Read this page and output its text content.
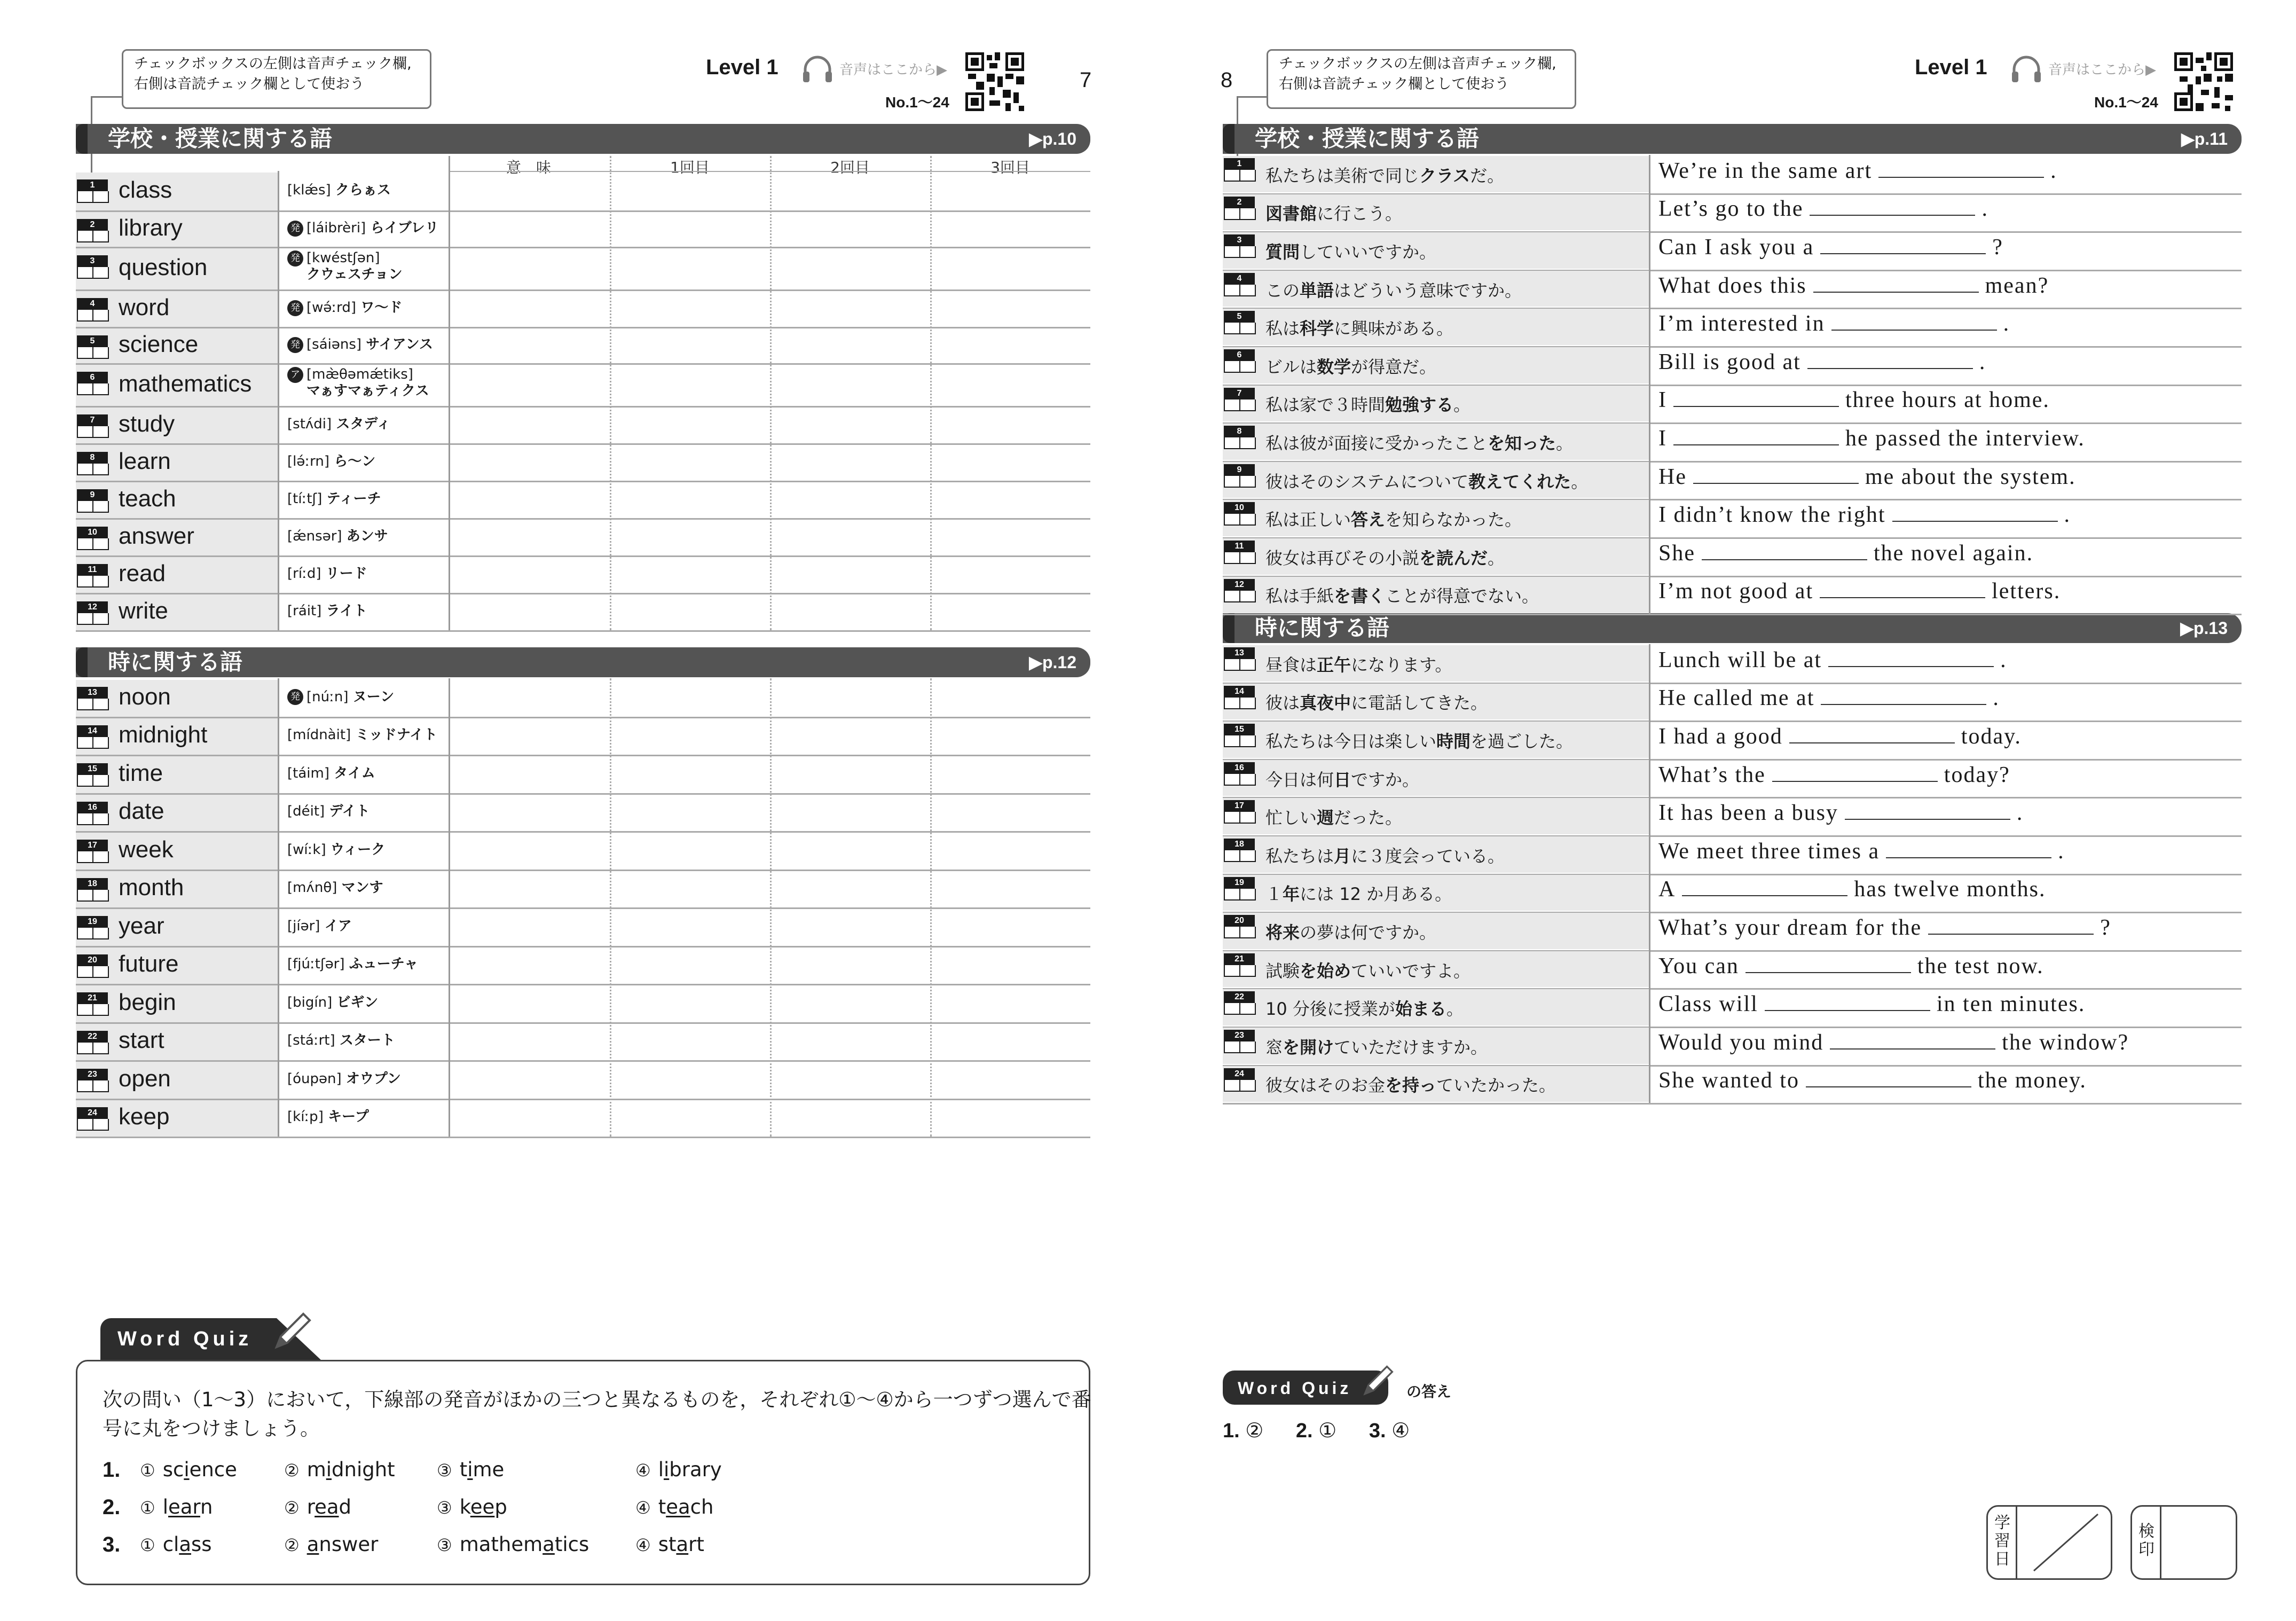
チェックボックスの左側は音声チェック欄,
右側は音読チェック欄として使おう
Level 1	音声はここから▶
No.1～24
7
学校・授業に関する語	▶p.10
意　味	1回目	2回目	3回目
時に関する語	▶p.12
1	class	[klǽs] クらぁス
2	library	発 [láibrèri] らイブレリ
3	question	発 [kwéstʃən]
クウェスチョン
4	word	発 [wə́ːrd] ワ～ド
5	science	発 [sáiəns] サイアンス
6	mathematics	ア [mæ̀θəmǽtiks]
マぁすマぁティクス
7	study	[stʌ́di] スタディ
8	learn	[lə́ːrn] ら～ン
9	teach	[tíːtʃ] ティーチ
10 answer	[ǽnsər] あンサ
11 read	[ríːd] リード
12 write	[ráit] ライト
13 noon	発 [núːn] ヌーン
14 midnight	[mídnàit] ミッドナイト
15 time	[táim] タイム
16 date	[déit] デイト
17 week	[wíːk] ウィーク
18 month	[mʌ́nθ] マンす
19 year	[jíər] イア
20 future	[fjúːtʃər] ふューチャ
21 begin	[bigín] ビギン
22 start	[stáːrt] スタート
23 open	[óupən] オウプン
24 keep	[kíːp] キープ
Word Quiz
次の問い（1～3）において，下線部の発音がほかの三つと異なるものを，それぞれ①～④から一つずつ選んで番
号に丸をつけましょう。
1. ① science	② midnight ③ time	④ library
2. ① learn	② read	③ keep	④ teach
3. ① class	② answer	③ mathematics	④ start
8
チェックボックスの左側は音声チェック欄,
右側は音読チェック欄として使おう
Level 1	音声はここから▶
No.1～24
学校・授業に関する語	▶p.11
時に関する語	▶p.13
1
私たちは美術で同じクラスだ。	We’re in the same art	.
2
図書館に行こう。	Let’s go to the	.
3
質問していいですか。	Can I ask you a	?
4
この単語はどういう意味ですか。	What does this	mean?
5
私は科学に興味がある。	I’m interested in	.
6
ビルは数学が得意だ。	Bill is good at	.
7
私は家で３時間勉強する。	I	three hours at home.
8
私は彼が面接に受かったことを知った。	I	he passed the interview.
9
彼はそのシステムについて教えてくれた。	He	me about the system.
10
私は正しい答えを知らなかった。	I didn’t know the right	.
11
彼女は再びその小説を読んだ。	She	the novel again.
12
私は手紙を書くことが得意でない。	I’m not good at	letters.
13
昼食は正午になります。	Lunch will be at	.
14
彼は真夜中に電話してきた。	He called me at	.
15
私たちは今日は楽しい時間を過ごした。	I had a good	today.
16
今日は何日ですか。	What’s the	today?
17
忙しい週だった。	It has been a busy	.
18
私たちは月に３度会っている。	We meet three times a	.
19
１年には 12 か月ある。	A	has twelve months.
20
将来の夢は何ですか。	What’s your dream for the	?
21
試験を始めていいですよ。	You can	the test now.
22
10 分後に授業が始まる。	Class will	in ten minutes.
23
窓を開けていただけますか。	Would you mind	the window?
24
彼女はそのお金を持っていたかった。	She wanted to	the money.
Word Quiz	の答え
1. ② 2. ① 3. ④
学習日
検印
